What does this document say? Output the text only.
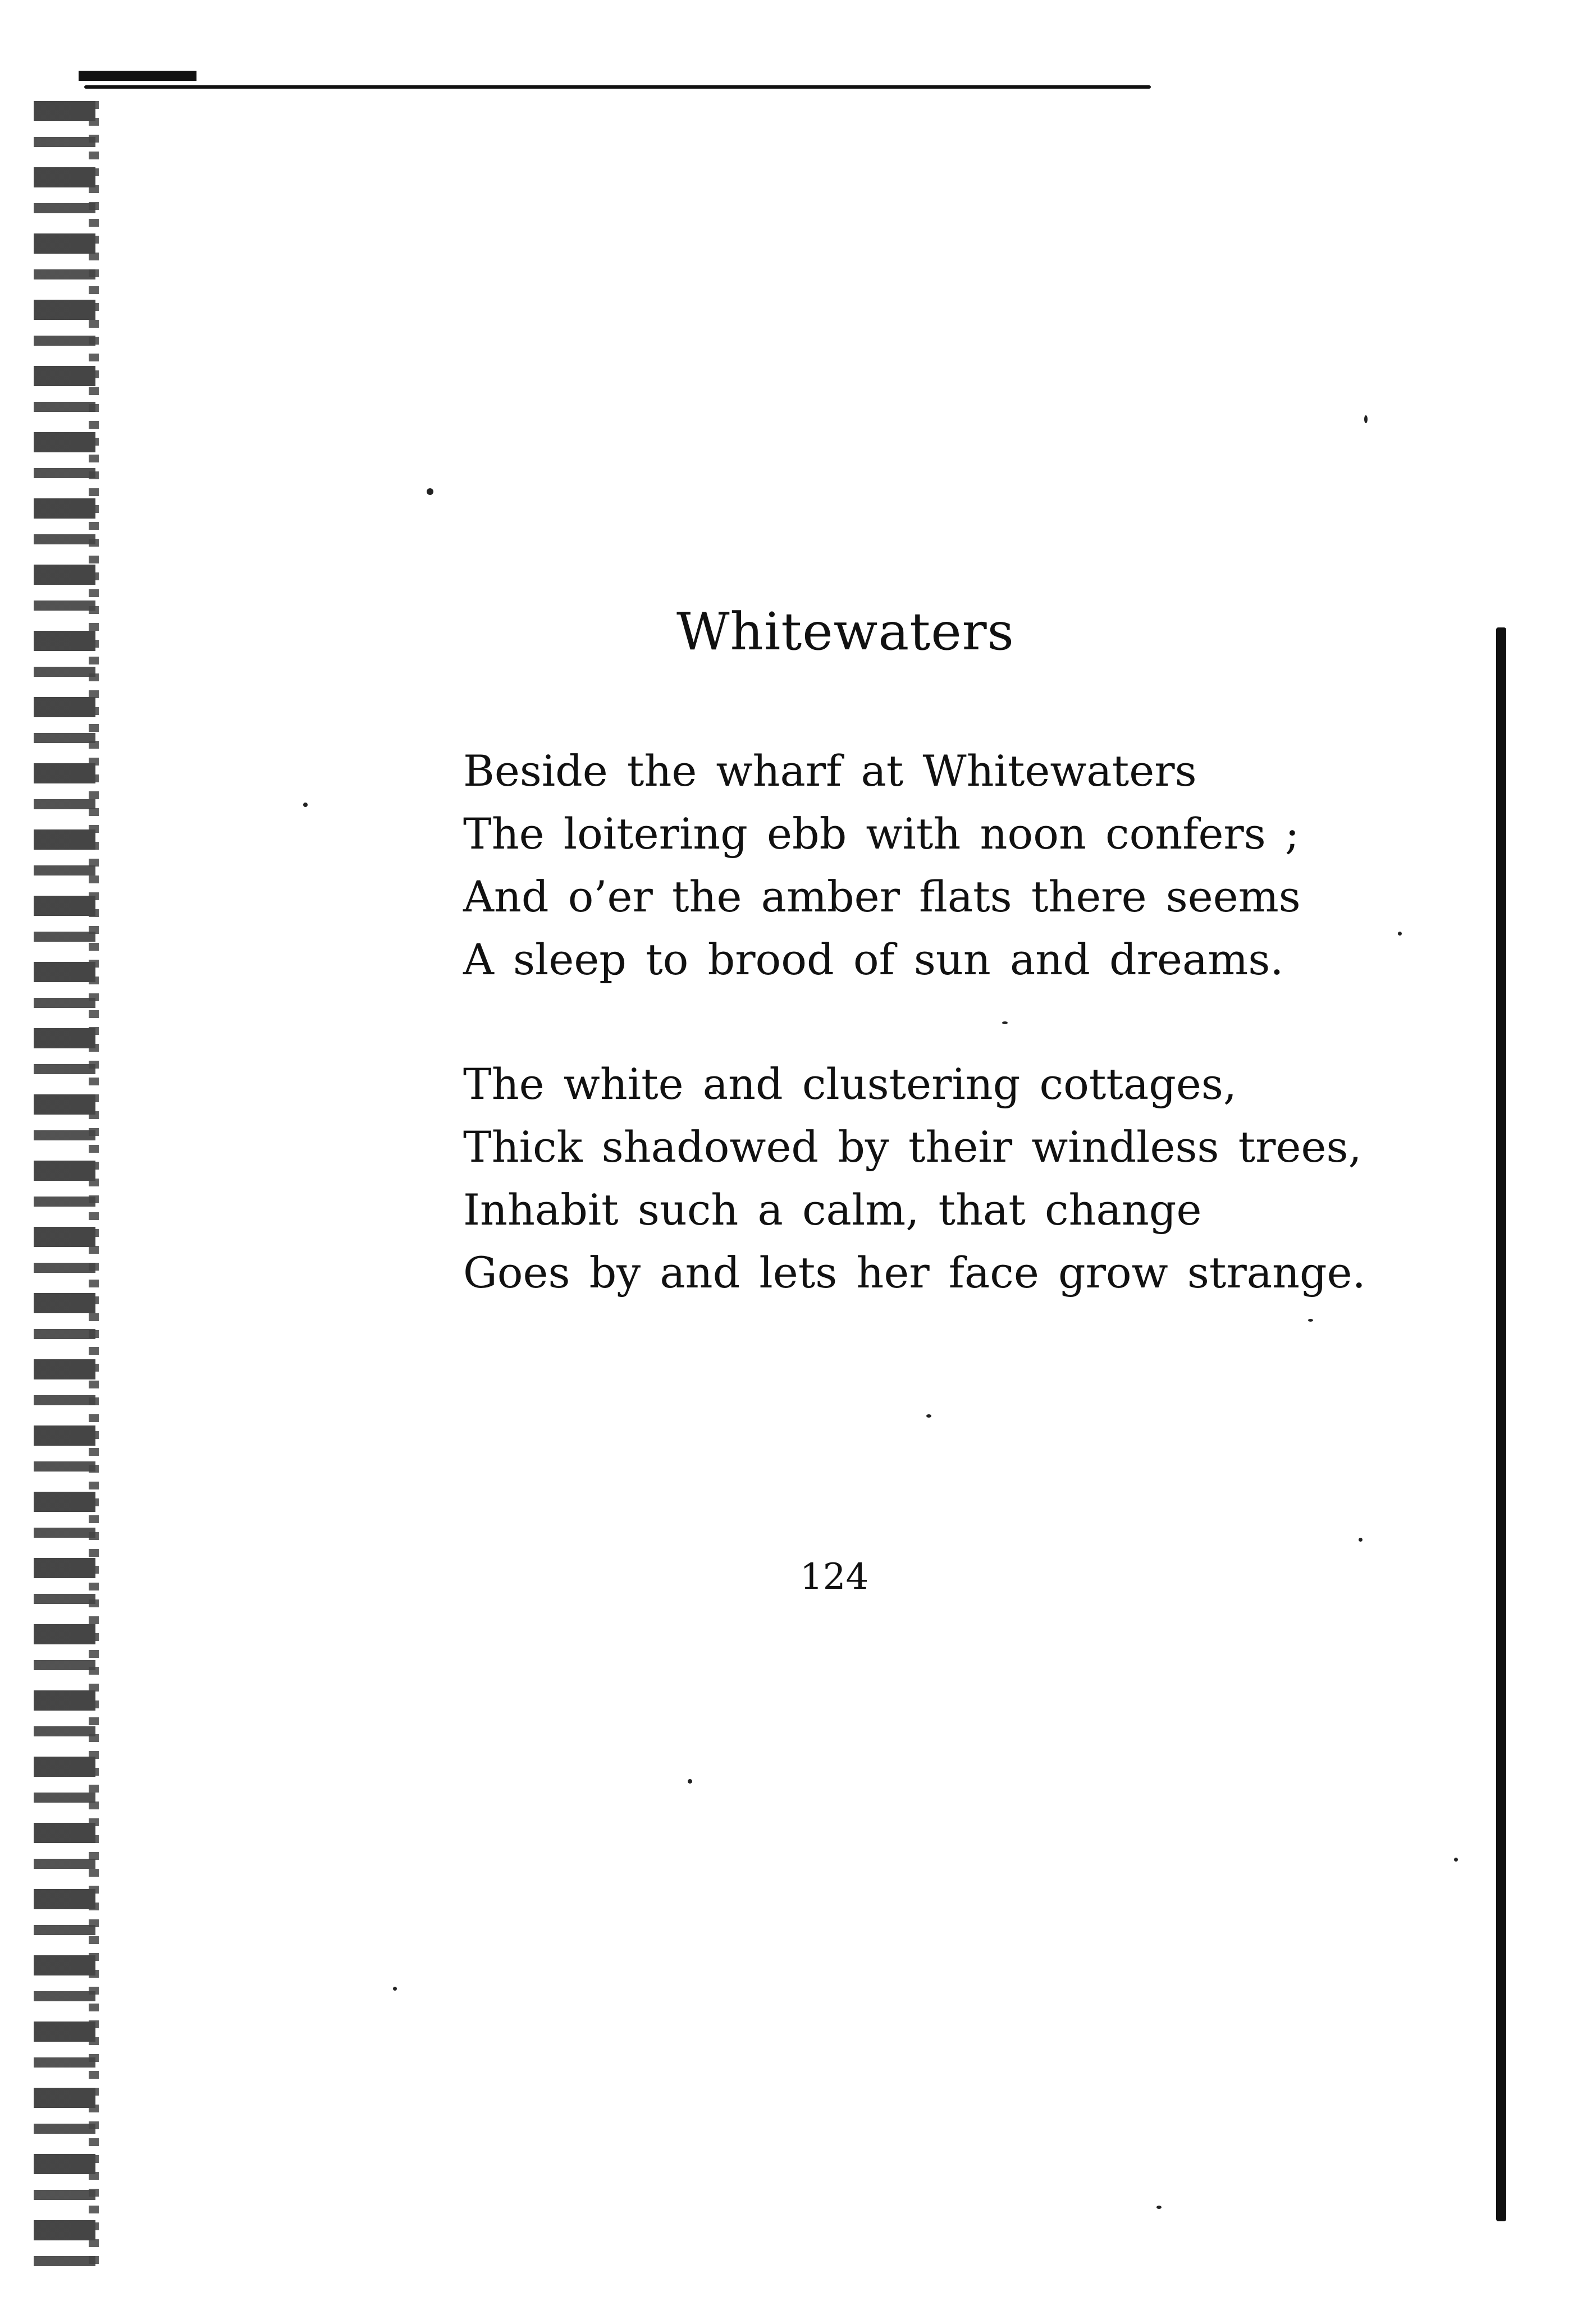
Whitewaters
Beside the wharf at Whitewaters
The loitering ebb with noon confers ;
And o’er the amber flats there seems
A sleep to brood of sun and dreams.
The white and clustering cottages,
Thick shadowed by their windless trees,
Inhabit such a calm, that change
Goes by and lets her face grow strange.
124
